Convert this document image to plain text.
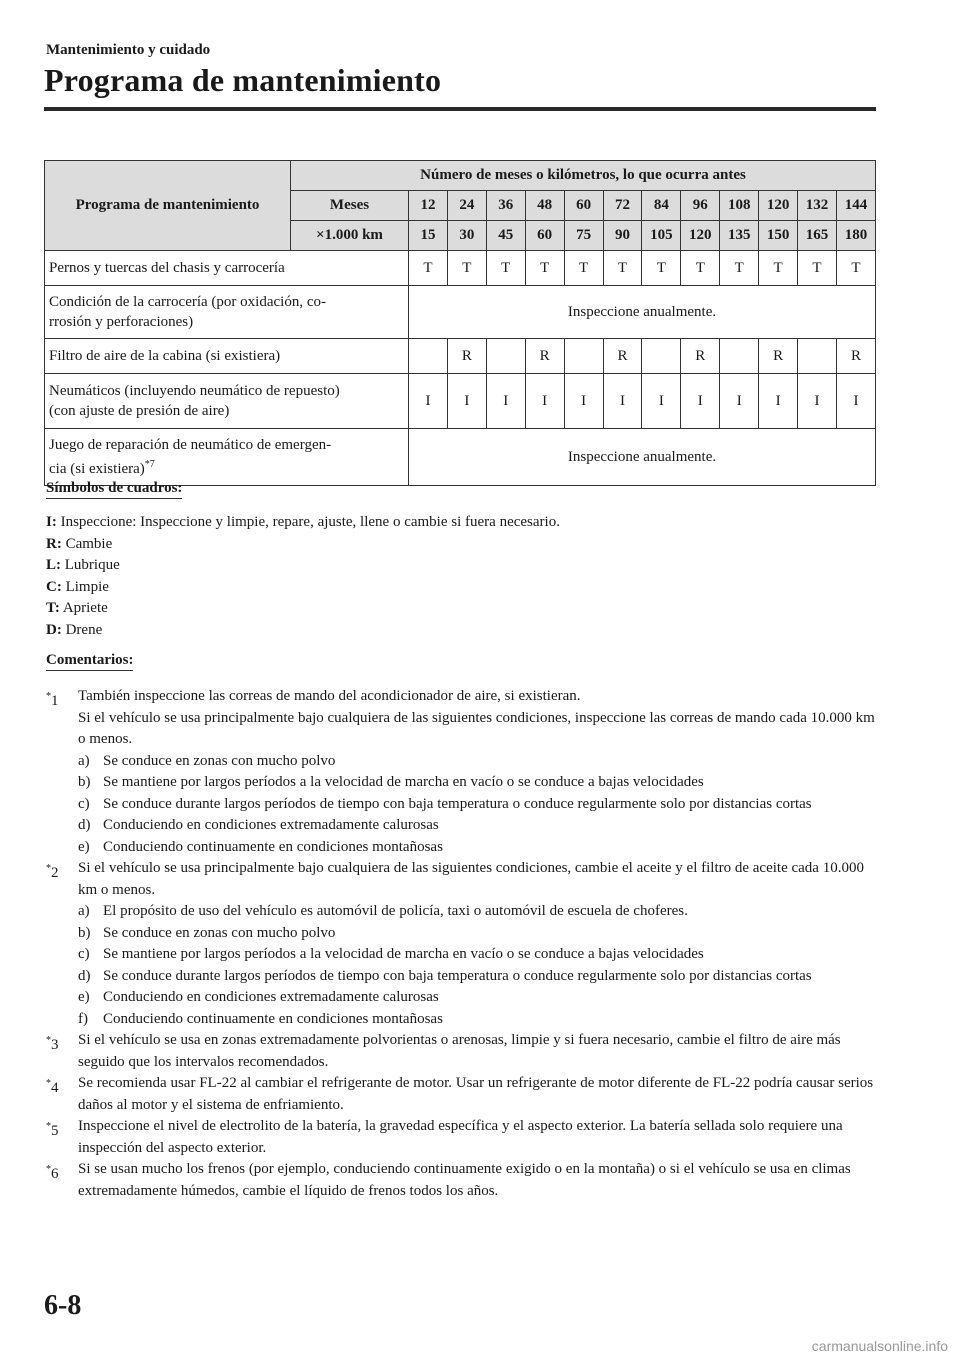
Mantenimiento y cuidado
Programa de mantenimiento
Programa de mantenimiento	Número de meses o kilómetros, lo que ocurra antes												
	Meses	12	24	36	48	60	72	84	96	108	120	132	144
	×1.000 km	15	30	45	60	75	90	105	120	135	150	165	180
Pernos y tuercas del chasis y carrocería		T	T	T	T	T	T	T	T	T	T	T	T
Condición de la carrocería (por oxidación, co-
rrosión y perforaciones)		Inspeccione anualmente.											
Filtro de aire de la cabina (si existiera)			R		R		R		R		R		R
Neumáticos (incluyendo neumático de repuesto)
(con ajuste de presión de aire)		I	I	I	I	I	I	I	I	I	I	I	I
Juego de reparación de neumático de emergen-
cia (si existiera)$^{*7}$		Inspeccione anualmente.											
Símbolos de cuadros:
I: Inspeccione: Inspeccione y limpie, repare, ajuste, llene o cambie si fuera necesario.
R: Cambie
L: Lubrique
C: Limpie
T: Apriete
D: Drene
Comentarios:
*1 También inspeccione las correas de mando del acondicionador de aire, si existieran.
Si el vehículo se usa principalmente bajo cualquiera de las siguientes condiciones, inspeccione las correas de mando cada 10.000 km o menos.
a) Se conduce en zonas con mucho polvo
b) Se mantiene por largos períodos a la velocidad de marcha en vacío o se conduce a bajas velocidades
c) Se conduce durante largos períodos de tiempo con baja temperatura o conduce regularmente solo por distancias cortas
d) Conduciendo en condiciones extremadamente calurosas
e) Conduciendo continuamente en condiciones montañosas
*2 Si el vehículo se usa principalmente bajo cualquiera de las siguientes condiciones, cambie el aceite y el filtro de aceite cada 10.000 km o menos.
a) El propósito de uso del vehículo es automóvil de policía, taxi o automóvil de escuela de choferes.
b) Se conduce en zonas con mucho polvo
c) Se mantiene por largos períodos a la velocidad de marcha en vacío o se conduce a bajas velocidades
d) Se conduce durante largos períodos de tiempo con baja temperatura o conduce regularmente solo por distancias cortas
e) Conduciendo en condiciones extremadamente calurosas
f) Conduciendo continuamente en condiciones montañosas
*3 Si el vehículo se usa en zonas extremadamente polvorientas o arenosas, limpie y si fuera necesario, cambie el filtro de aire más seguido que los intervalos recomendados.
*4 Se recomienda usar FL-22 al cambiar el refrigerante de motor. Usar un refrigerante de motor diferente de FL-22 podría causar serios daños al motor y el sistema de enfriamiento.
*5 Inspeccione el nivel de electrolito de la batería, la gravedad específica y el aspecto exterior. La batería sellada solo requiere una inspección del aspecto exterior.
*6 Si se usan mucho los frenos (por ejemplo, conduciendo continuamente exigido o en la montaña) o si el vehículo se usa en climas extremadamente húmedos, cambie el líquido de frenos todos los años.
6-8
carmanualsonline.info
